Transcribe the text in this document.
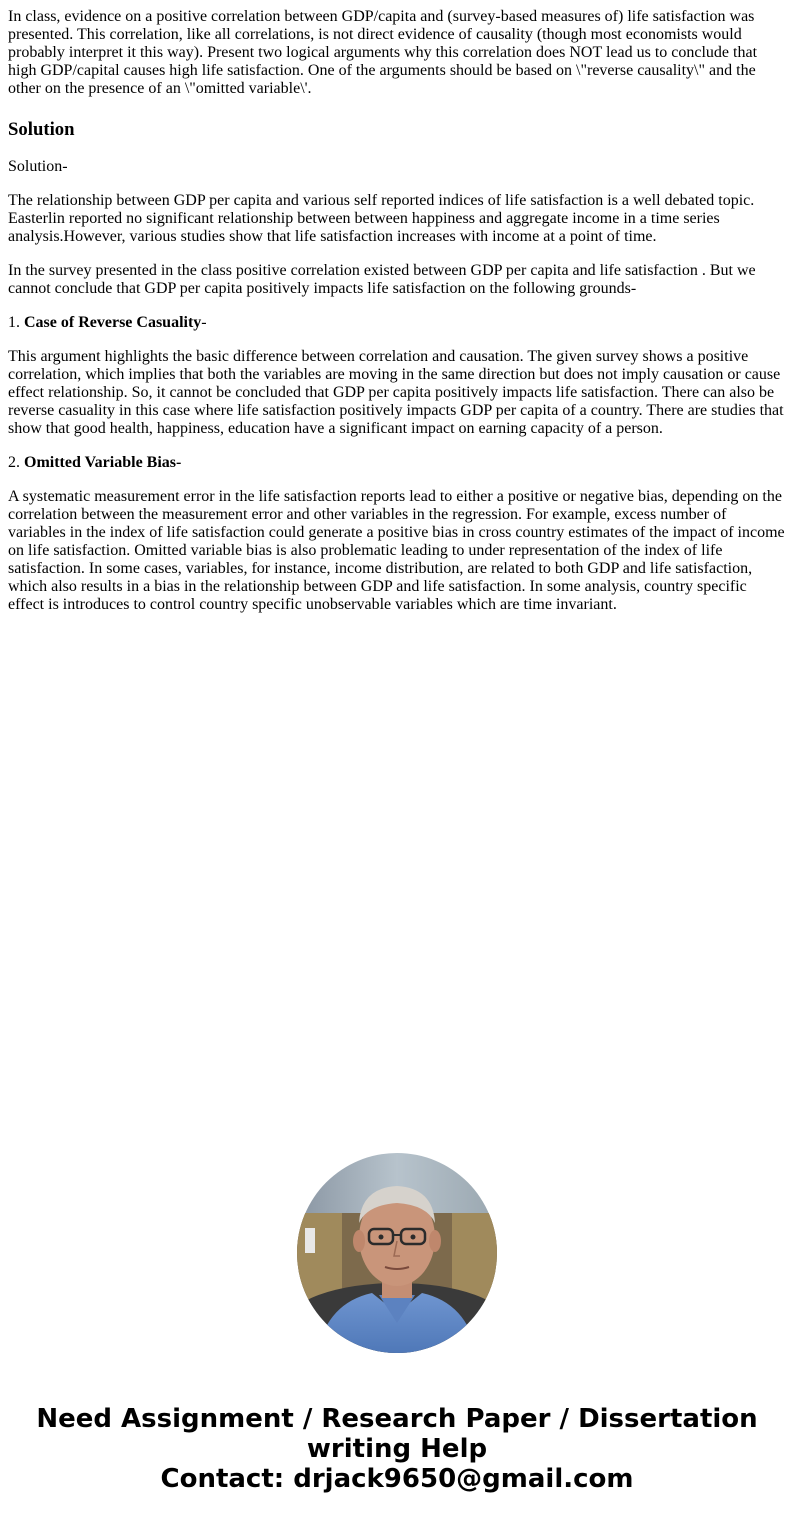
In class, evidence on a positive correlation between GDP/capita and (survey-based measures of) life satisfaction was presented. This correlation, like all correlations, is not direct evidence of causality (though most economists would probably interpret it this way). Present two logical arguments why this correlation does NOT lead us to conclude that high GDP/capital causes high life satisfaction. One of the arguments should be based on \"reverse causality\" and the other on the presence of an \"omitted variable\'.

Solution

Solution-

The relationship between GDP per capita and various self reported indices of life satisfaction is a well debated topic. Easterlin reported no significant relationship between between happiness and aggregate income in a time series analysis.However, various studies show that life satisfaction increases with income at a point of time.

In the survey presented in the class positive correlation existed between GDP per capita and life satisfaction . But we cannot conclude that GDP per capita positively impacts life satisfaction on the following grounds-

1. Case of Reverse Casuality-

This argument highlights the basic difference between correlation and causation. The given survey shows a positive correlation, which implies that both the variables are moving in the same direction but does not imply causation or cause effect relationship. So, it cannot be concluded that GDP per capita positively impacts life satisfaction. There can also be reverse casuality in this case where life satisfaction positively impacts GDP per capita of a country. There are studies that show that good health, happiness, education have a significant impact on earning capacity of a person.

2. Omitted Variable Bias-

A systematic measurement error in the life satisfaction reports lead to either a positive or negative bias, depending on the correlation between the measurement error and other variables in the regression. For example, excess number of variables in the index of life satisfaction could generate a positive bias in cross country estimates of the impact of income on life satisfaction. Omitted variable bias is also problematic leading to under representation of the index of life satisfaction. In some cases, variables, for instance, income distribution, are related to both GDP and life satisfaction, which also results in a bias in the relationship between GDP and life satisfaction. In some analysis, country specific effect is introduces to control country specific unobservable variables which are time invariant.

Need Assignment / Research Paper / Dissertation
writing Help
Contact: drjack9650@gmail.com
